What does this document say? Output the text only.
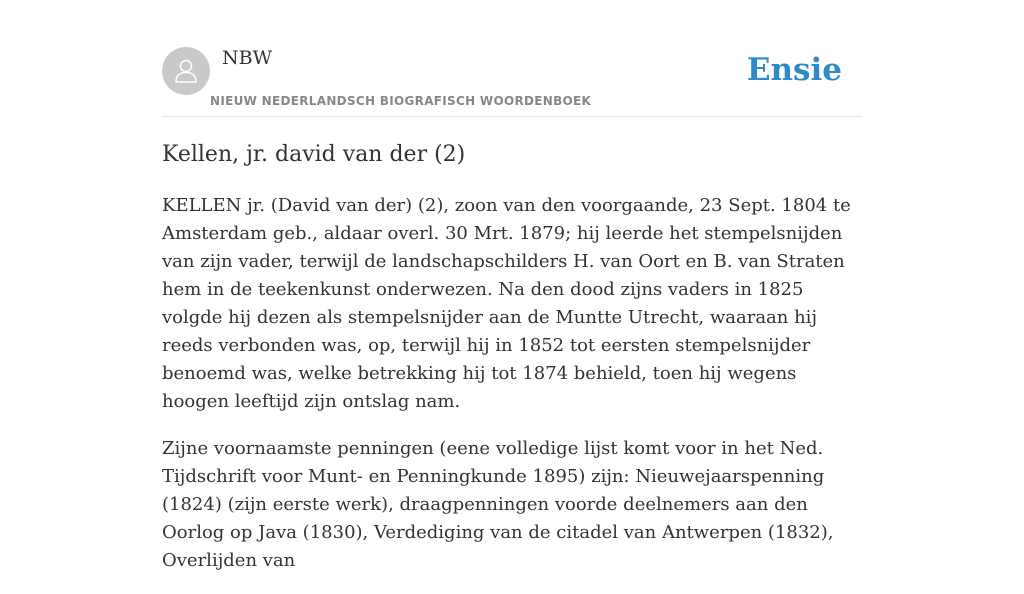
NBW
NIEUW NEDERLANDSCH BIOGRAFISCH WOORDENBOEK
Ensie
Kellen, jr. david van der (2)

KELLEN jr. (David van der) (2), zoon van den voorgaande, 23 Sept. 1804 te Amsterdam geb., aldaar overl. 30 Mrt. 1879; hij leerde het stempelsnijden van zijn vader, terwijl de landschapschilders H. van Oort en B. van Straten hem in de teekenkunst onderwezen. Na den dood zijns vaders in 1825 volgde hij dezen als stempelsnijder aan de Muntte Utrecht, waaraan hij reeds verbonden was, op, terwijl hij in 1852 tot eersten stempelsnijder benoemd was, welke betrekking hij tot 1874 behield, toen hij wegens hoogen leeftijd zijn ontslag nam.

Zijne voornaamste penningen (eene volledige lijst komt voor in het Ned. Tijdschrift voor Munt- en Penningkunde 1895) zijn: Nieuwejaarspenning (1824) (zijn eerste werk), draagpenningen voorde deelnemers aan den Oorlog op Java (1830), Verdediging van de citadel van Antwerpen (1832), Overlijden van
